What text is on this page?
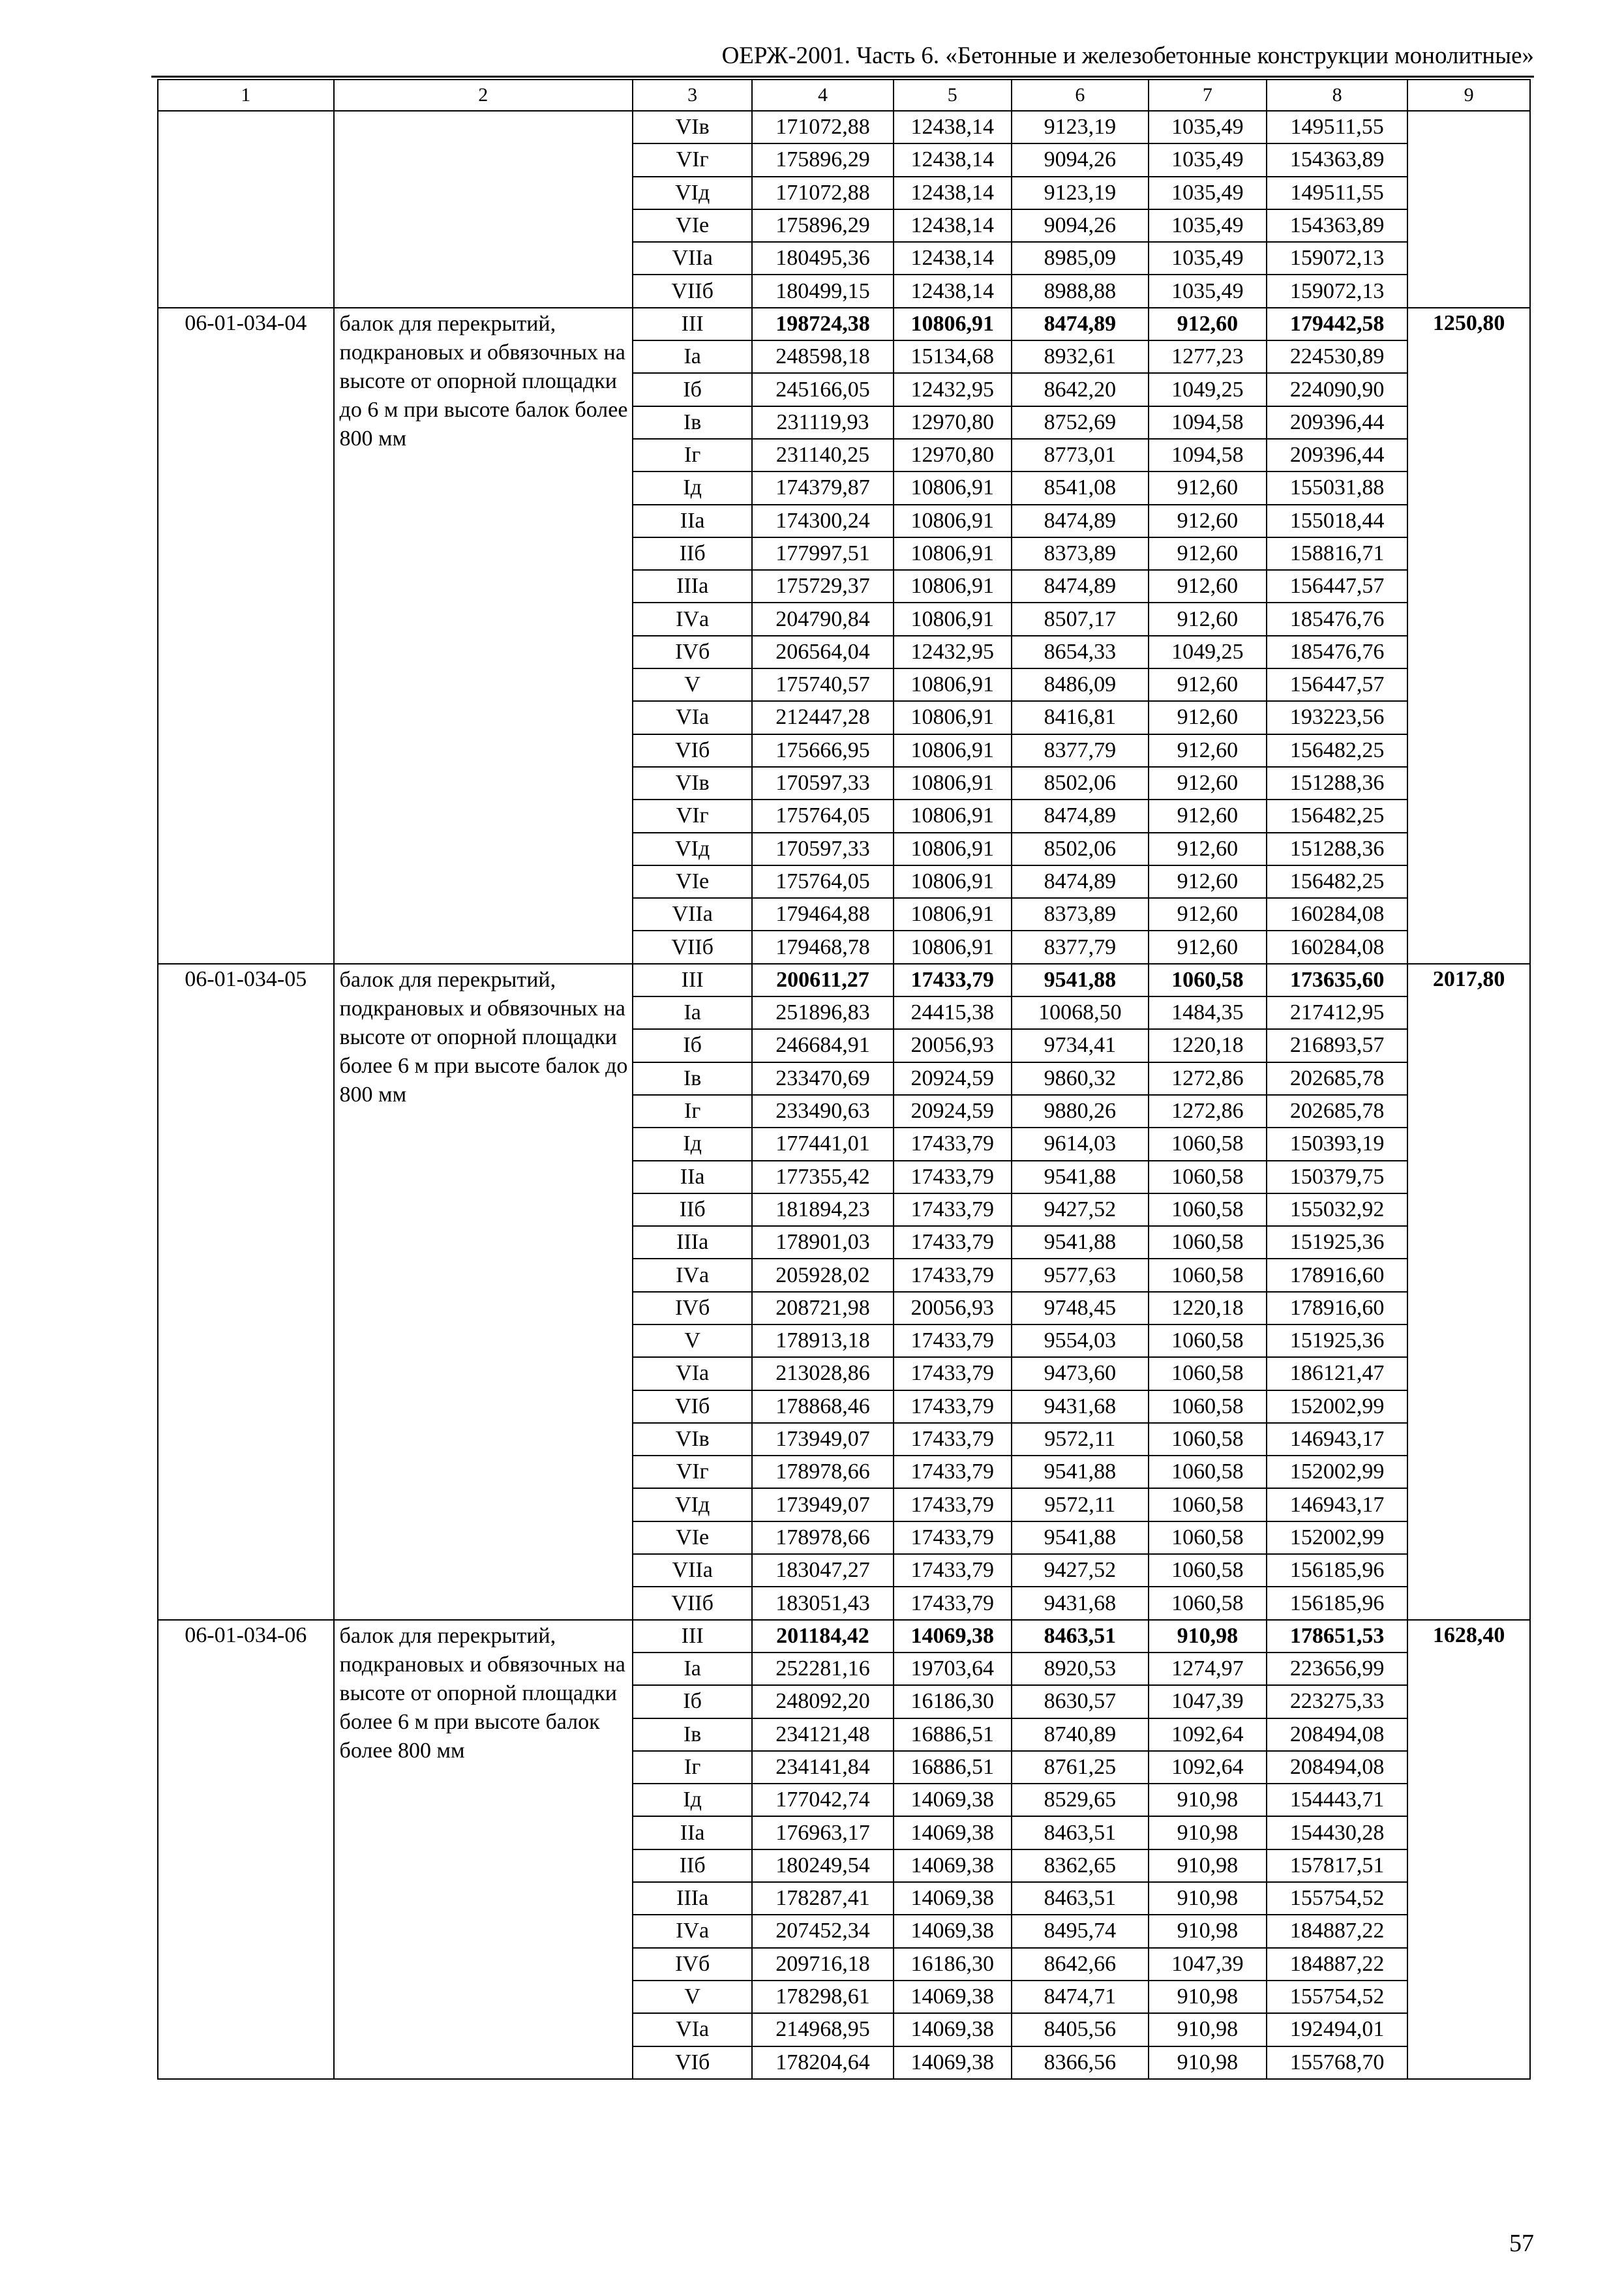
ОЕРЖ-2001. Часть 6. «Бетонные и железобетонные конструкции монолитные»
1	2	3	4	5	6	7	8	9
		VIв	171072,88	12438,14	9123,19	1035,49	149511,55	
		VIг	175896,29	12438,14	9094,26	1035,49	154363,89	
		VIд	171072,88	12438,14	9123,19	1035,49	149511,55	
		VIе	175896,29	12438,14	9094,26	1035,49	154363,89	
		VIIа	180495,36	12438,14	8985,09	1035,49	159072,13	
		VIIб	180499,15	12438,14	8988,88	1035,49	159072,13	
06-01-034-04	балок для перекрытий, подкрановых и обвязочных на высоте от опорной площадки до 6 м при высоте балок более 800 мм	III	198724,38	10806,91	8474,89	912,60	179442,58	1250,80
		Iа	248598,18	15134,68	8932,61	1277,23	224530,89	
		Iб	245166,05	12432,95	8642,20	1049,25	224090,90	
		Iв	231119,93	12970,80	8752,69	1094,58	209396,44	
		Iг	231140,25	12970,80	8773,01	1094,58	209396,44	
		Iд	174379,87	10806,91	8541,08	912,60	155031,88	
		IIа	174300,24	10806,91	8474,89	912,60	155018,44	
		IIб	177997,51	10806,91	8373,89	912,60	158816,71	
		IIIа	175729,37	10806,91	8474,89	912,60	156447,57	
		IVа	204790,84	10806,91	8507,17	912,60	185476,76	
		IVб	206564,04	12432,95	8654,33	1049,25	185476,76	
		V	175740,57	10806,91	8486,09	912,60	156447,57	
		VIа	212447,28	10806,91	8416,81	912,60	193223,56	
		VIб	175666,95	10806,91	8377,79	912,60	156482,25	
		VIв	170597,33	10806,91	8502,06	912,60	151288,36	
		VIг	175764,05	10806,91	8474,89	912,60	156482,25	
		VIд	170597,33	10806,91	8502,06	912,60	151288,36	
		VIе	175764,05	10806,91	8474,89	912,60	156482,25	
		VIIа	179464,88	10806,91	8373,89	912,60	160284,08	
		VIIб	179468,78	10806,91	8377,79	912,60	160284,08	
06-01-034-05	балок для перекрытий, подкрановых и обвязочных на высоте от опорной площадки более 6 м при высоте балок до 800 мм	III	200611,27	17433,79	9541,88	1060,58	173635,60	2017,80
		Iа	251896,83	24415,38	10068,50	1484,35	217412,95	
		Iб	246684,91	20056,93	9734,41	1220,18	216893,57	
		Iв	233470,69	20924,59	9860,32	1272,86	202685,78	
		Iг	233490,63	20924,59	9880,26	1272,86	202685,78	
		Iд	177441,01	17433,79	9614,03	1060,58	150393,19	
		IIа	177355,42	17433,79	9541,88	1060,58	150379,75	
		IIб	181894,23	17433,79	9427,52	1060,58	155032,92	
		IIIа	178901,03	17433,79	9541,88	1060,58	151925,36	
		IVа	205928,02	17433,79	9577,63	1060,58	178916,60	
		IVб	208721,98	20056,93	9748,45	1220,18	178916,60	
		V	178913,18	17433,79	9554,03	1060,58	151925,36	
		VIа	213028,86	17433,79	9473,60	1060,58	186121,47	
		VIб	178868,46	17433,79	9431,68	1060,58	152002,99	
		VIв	173949,07	17433,79	9572,11	1060,58	146943,17	
		VIг	178978,66	17433,79	9541,88	1060,58	152002,99	
		VIд	173949,07	17433,79	9572,11	1060,58	146943,17	
		VIе	178978,66	17433,79	9541,88	1060,58	152002,99	
		VIIа	183047,27	17433,79	9427,52	1060,58	156185,96	
		VIIб	183051,43	17433,79	9431,68	1060,58	156185,96	
06-01-034-06	балок для перекрытий, подкрановых и обвязочных на высоте от опорной площадки более 6 м при высоте балок более 800 мм	III	201184,42	14069,38	8463,51	910,98	178651,53	1628,40
		Iа	252281,16	19703,64	8920,53	1274,97	223656,99	
		Iб	248092,20	16186,30	8630,57	1047,39	223275,33	
		Iв	234121,48	16886,51	8740,89	1092,64	208494,08	
		Iг	234141,84	16886,51	8761,25	1092,64	208494,08	
		Iд	177042,74	14069,38	8529,65	910,98	154443,71	
		IIа	176963,17	14069,38	8463,51	910,98	154430,28	
		IIб	180249,54	14069,38	8362,65	910,98	157817,51	
		IIIа	178287,41	14069,38	8463,51	910,98	155754,52	
		IVа	207452,34	14069,38	8495,74	910,98	184887,22	
		IVб	209716,18	16186,30	8642,66	1047,39	184887,22	
		V	178298,61	14069,38	8474,71	910,98	155754,52	
		VIа	214968,95	14069,38	8405,56	910,98	192494,01	
		VIб	178204,64	14069,38	8366,56	910,98	155768,70	
57
